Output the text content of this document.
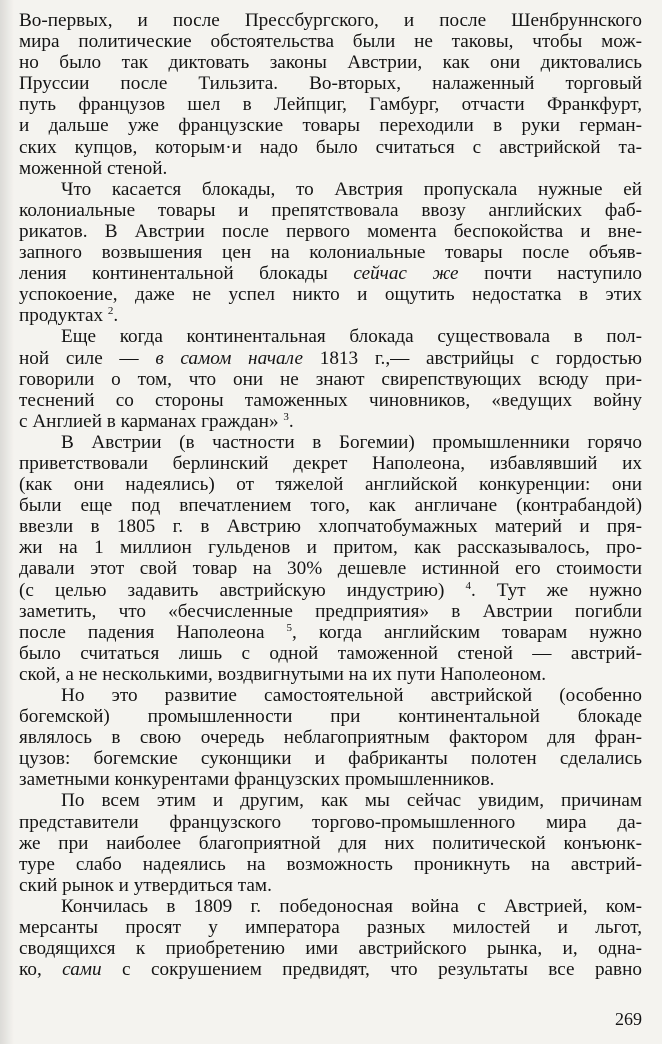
Во-первых, и после Прессбургского, и после Шенбруннского
мира политические обстоятельства были не таковы, чтобы мож-
но было так диктовать законы Австрии, как они диктовались
Пруссии после Тильзита. Во-вторых, налаженный торговый
путь французов шел в Лейпциг, Гамбург, отчасти Франкфурт,
и дальше уже французские товары переходили в руки герман-
ских купцов, которым·и надо было считаться с австрийской та-
моженной стеной.
Что касается блокады, то Австрия пропускала нужные ей
колониальные товары и препятствовала ввозу английских фаб-
рикатов. В Австрии после первого момента беспокойства и вне-
запного возвышения цен на колониальные товары после объяв-
ления континентальной блокады сейчас же почти наступило
успокоение, даже не успел никто и ощутить недостатка в этих
продуктах $^2$.
Еще когда континентальная блокада существовала в пол-
ной силе — в самом начале 1813 г.,— австрийцы с гордостью
говорили о том, что они не знают свирепствующих всюду при-
теснений со стороны таможенных чиновников, «ведущих войну
с Англией в карманах граждан» $^3$.
В Австрии (в частности в Богемии) промышленники горячо
приветствовали берлинский декрет Наполеона, избавлявший их
(как они надеялись) от тяжелой английской конкуренции: они
были еще под впечатлением того, как англичане (контрабандой)
ввезли в 1805 г. в Австрию хлопчатобумажных материй и пря-
жи на 1 миллион гульденов и притом, как рассказывалось, про-
давали этот свой товар на 30% дешевле истинной его стоимости
(с целью задавить австрийскую индустрию) $^4$. Тут же нужно
заметить, что «бесчисленные предприятия» в Австрии погибли
после падения Наполеона $^5$, когда английским товарам нужно
было считаться лишь с одной таможенной стеной — австрий-
ской, а не несколькими, воздвигнутыми на их пути Наполеоном.
Но это развитие самостоятельной австрийской (особенно
богемской) промышленности при континентальной блокаде
являлось в свою очередь неблагоприятным фактором для фран-
цузов: богемские суконщики и фабриканты полотен сделались
заметными конкурентами французских промышленников.
По всем этим и другим, как мы сейчас увидим, причинам
представители французского торгово-промышленного мира да-
же при наиболее благоприятной для них политической конъюнк-
туре слабо надеялись на возможность проникнуть на австрий-
ский рынок и утвердиться там.
Кончилась в 1809 г. победоносная война с Австрией, ком-
мерсанты просят у императора разных милостей и льгот,
сводящихся к приобретению ими австрийского рынка, и, одна-
ко, сами с сокрушением предвидят, что результаты все равно
269
